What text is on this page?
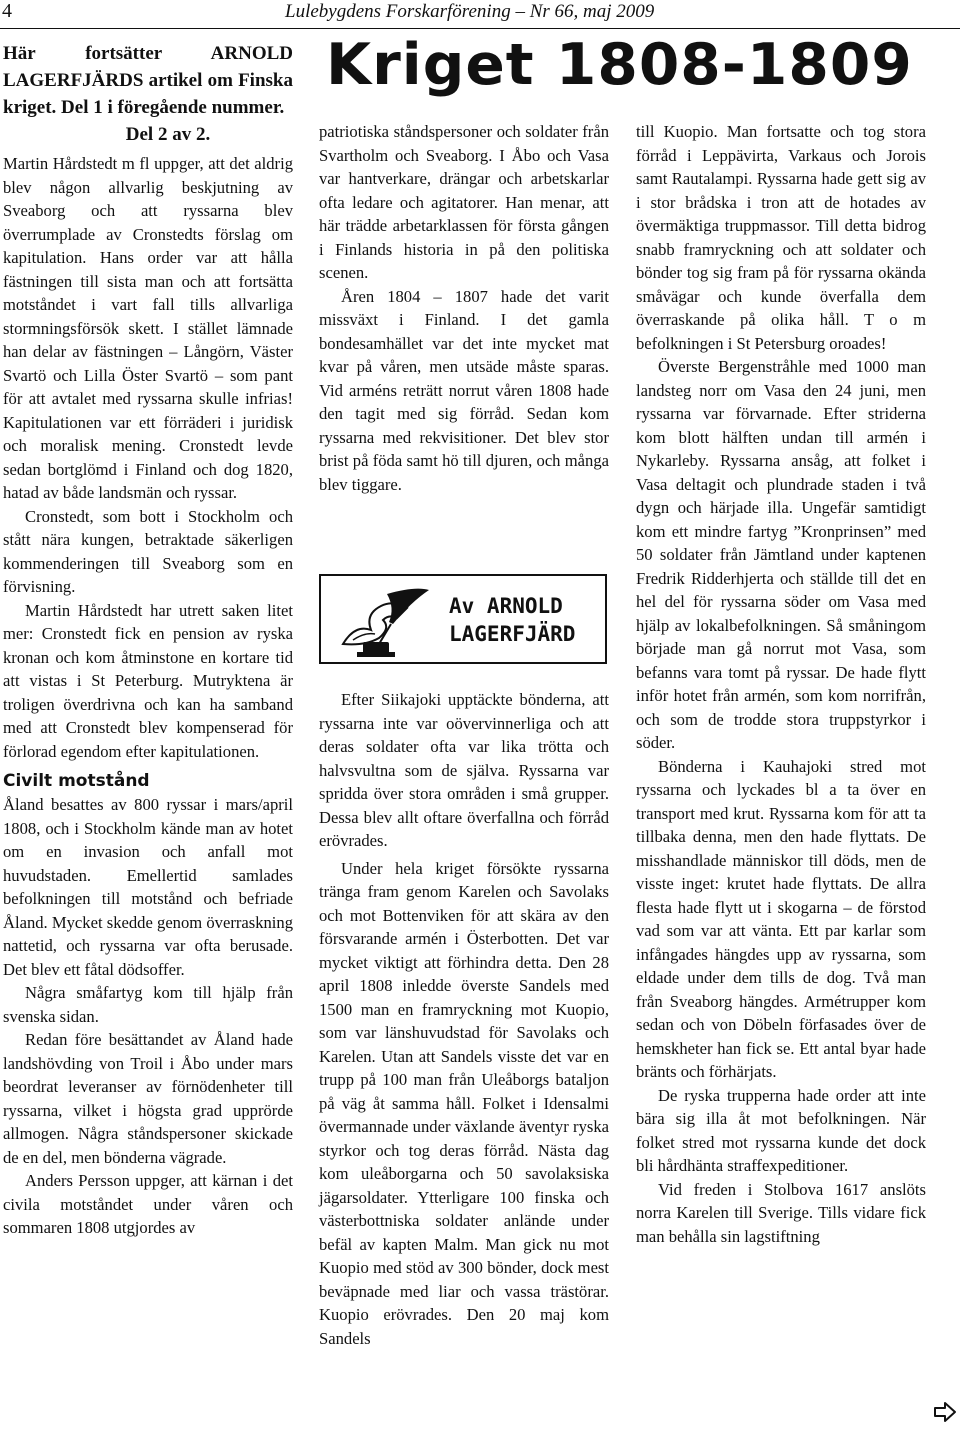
4	Lulebygdens Forskarförening – Nr 66, maj 2009
Kriget 1808-1809

Här fortsätter ARNOLD LAGERFJÄRDS artikel om Finska kriget. Del 1 i föregående nummer.

Del 2 av 2.

Martin Hårdstedt m fl uppger, att det aldrig blev någon allvarlig beskjutning av Sveaborg och att ryssarna blev överrumplade av Cronstedts förslag om kapitulation. Hans order var att hålla fästningen till sista man och att fortsätta motståndet i vart fall tills allvarliga stormningsförsök skett. I stället lämnade han delar av fästningen – Långörn, Väster Svartö och Lilla Öster Svartö – som pant för att avtalet med ryssarna skulle infrias! Kapitulationen var ett förräderi i juridisk och moralisk mening. Cronstedt levde sedan bortglömd i Finland och dog 1820, hatad av både landsmän och ryssar.

Cronstedt, som bott i Stockholm och stått nära kungen, betraktade säkerligen kommenderingen till Sveaborg som en förvisning.

Martin Hårdstedt har utrett saken litet mer: Cronstedt fick en pension av ryska kronan och kom åtminstone en kortare tid att vistas i St Peterburg. Mutryktena är troligen överdrivna och kan ha samband med att Cronstedt blev kompenserad för förlorad egendom efter kapitulationen.

Civilt motstånd

Åland besattes av 800 ryssar i mars/april 1808, och i Stockholm kände man av hotet om en invasion och anfall mot huvudstaden. Emellertid samlades befolkningen till motstånd och befriade Åland. Mycket skedde genom överraskning nattetid, och ryssarna var ofta berusade. Det blev ett fåtal dödsoffer.

Några småfartyg kom till hjälp från svenska sidan.

Redan före besättandet av Åland hade landshövding von Troil i Åbo under mars beordrat leveranser av förnödenheter till ryssarna, vilket i högsta grad upprörde allmogen. Några ståndspersoner skickade de en del, men bönderna vägrade.

Anders Persson uppger, att kärnan i det civila motståndet under våren och sommaren 1808 utgjordes av

patriotiska ståndspersoner och soldater från Svartholm och Sveaborg. I Åbo och Vasa var hantverkare, drängar och arbetskarlar ofta ledare och agitatorer. Han menar, att här trädde arbetarklassen för första gången i Finlands historia in på den politiska scenen.

Åren 1804 – 1807 hade det varit missväxt i Finland. I det gamla bondesamhället var det inte mycket mat kvar på våren, men utsäde måste sparas. Vid arméns reträtt norrut våren 1808 hade den tagit med sig förråd. Sedan kom ryssarna med rekvisitioner. Det blev stor brist på föda samt hö till djuren, och många blev tiggare.

Av ARNOLD
LAGERFJÄRD

Efter Siikajoki upptäckte bönderna, att ryssarna inte var oövervinnerliga och att deras soldater ofta var lika trötta och halvsvultna som de själva. Ryssarna var spridda över stora områden i små grupper. Dessa blev allt oftare överfallna och förråd erövrades.

Under hela kriget försökte ryssarna tränga fram genom Karelen och Savolaks och mot Bottenviken för att skära av den försvarande armén i Österbotten. Det var mycket viktigt att förhindra detta. Den 28 april 1808 inledde överste Sandels med 1500 man en framryckning mot Kuopio, som var länshuvudstad för Savolaks och Karelen. Utan att Sandels visste det var en trupp på 100 man från Uleåborgs bataljon på väg åt samma håll. Folket i Idensalmi övermannade under växlande äventyr ryska styrkor och tog deras förråd. Nästa dag kom uleåborgarna och 50 savolaksiska jägarsoldater. Ytterligare 100 finska och västerbottniska soldater anlände under befäl av kapten Malm. Man gick nu mot Kuopio med stöd av 300 bönder, dock mest beväpnade med liar och vassa trästörar. Kuopio erövrades. Den 20 maj kom Sandels

till Kuopio. Man fortsatte och tog stora förråd i Leppävirta, Varkaus och Jorois samt Rautalampi. Ryssarna hade gett sig av i stor brådska i tron att de hotades av övermäktiga truppmassor. Till detta bidrog snabb framryckning och att soldater och bönder tog sig fram på för ryssarna okända småvägar och kunde överfalla dem överraskande på olika håll. T o m befolkningen i St Petersburg oroades!

Överste Bergenstråhle med 1000 man landsteg norr om Vasa den 24 juni, men ryssarna var förvarnade. Efter striderna kom blott hälften undan till armén i Nykarleby. Ryssarna ansåg, att folket i Vasa deltagit och plundrade staden i två dygn och härjade illa. Ungefär samtidigt kom ett mindre fartyg ”Kronprinsen” med 50 soldater från Jämtland under kaptenen Fredrik Ridderhjerta och ställde till det en hel del för ryssarna söder om Vasa med hjälp av lokalbefolkningen. Så småningom började man gå norrut mot Vasa, som befanns vara tomt på ryssar. De hade flytt inför hotet från armén, som kom norrifrån, och som de trodde stora truppstyrkor i söder.

Bönderna i Kauhajoki stred mot ryssarna och lyckades bl a ta över en transport med krut. Ryssarna kom för att ta tillbaka denna, men den hade flyttats. De misshandlade människor till döds, men de visste inget: krutet hade flyttats. De allra flesta hade flytt ut i skogarna – de förstod vad som var att vänta. Ett par karlar som infångades hängdes upp av ryssarna, som eldade under dem tills de dog. Två man från Sveaborg hängdes. Armétrupper kom sedan och von Döbeln förfasades över de hemskheter han fick se. Ett antal byar hade bränts och förhärjats.

De ryska trupperna hade order att inte bära sig illa åt mot befolkningen. När folket stred mot ryssarna kunde det dock bli hårdhänta straffexpeditioner.

Vid freden i Stolbova 1617 anslöts norra Karelen till Sverige. Tills vidare fick man behålla sin lagstiftning
